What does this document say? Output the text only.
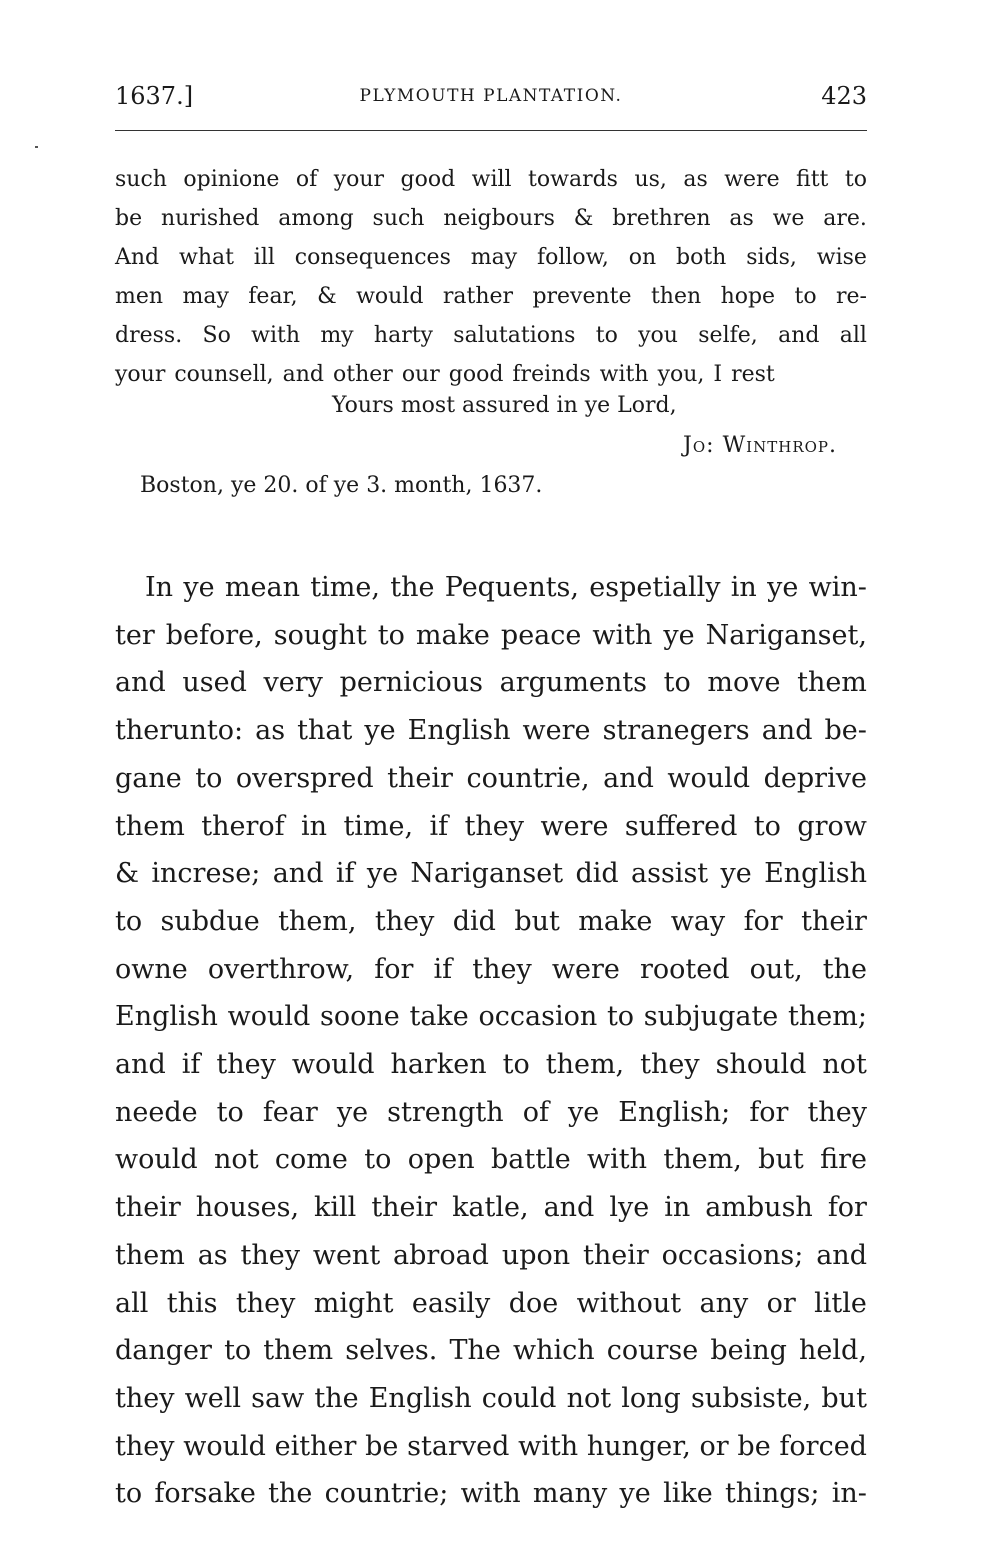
1637.]	PLYMOUTH PLANTATION.	423
such opinione of your good will towards us, as were fitt to
be nurished among such neigbours & brethren as we are.
And what ill consequences may follow, on both sids, wise
men may fear, & would rather prevente then hope to re-
dress. So with my harty salutations to you selfe, and all
your counsell, and other our good freinds with you, I rest
Yours most assured in ye Lord,
Jo: Winthrop.
Boston, ye 20. of ye 3. month, 1637.
In ye mean time, the Pequents, espetially in ye win-
ter before, sought to make peace with ye Nariganset,
and used very pernicious arguments to move them
therunto: as that ye English were stranegers and be-
gane to overspred their countrie, and would deprive
them therof in time, if they were suffered to grow
& increse; and if ye Nariganset did assist ye English
to subdue them, they did but make way for their
owne overthrow, for if they were rooted out, the
English would soone take occasion to subjugate them;
and if they would harken to them, they should not
neede to fear ye strength of ye English; for they
would not come to open battle with them, but fire
their houses, kill their katle, and lye in ambush for
them as they went abroad upon their occasions; and
all this they might easily doe without any or litle
danger to them selves. The which course being held,
they well saw the English could not long subsiste, but
they would either be starved with hunger, or be forced
to forsake the countrie; with many ye like things; in-
